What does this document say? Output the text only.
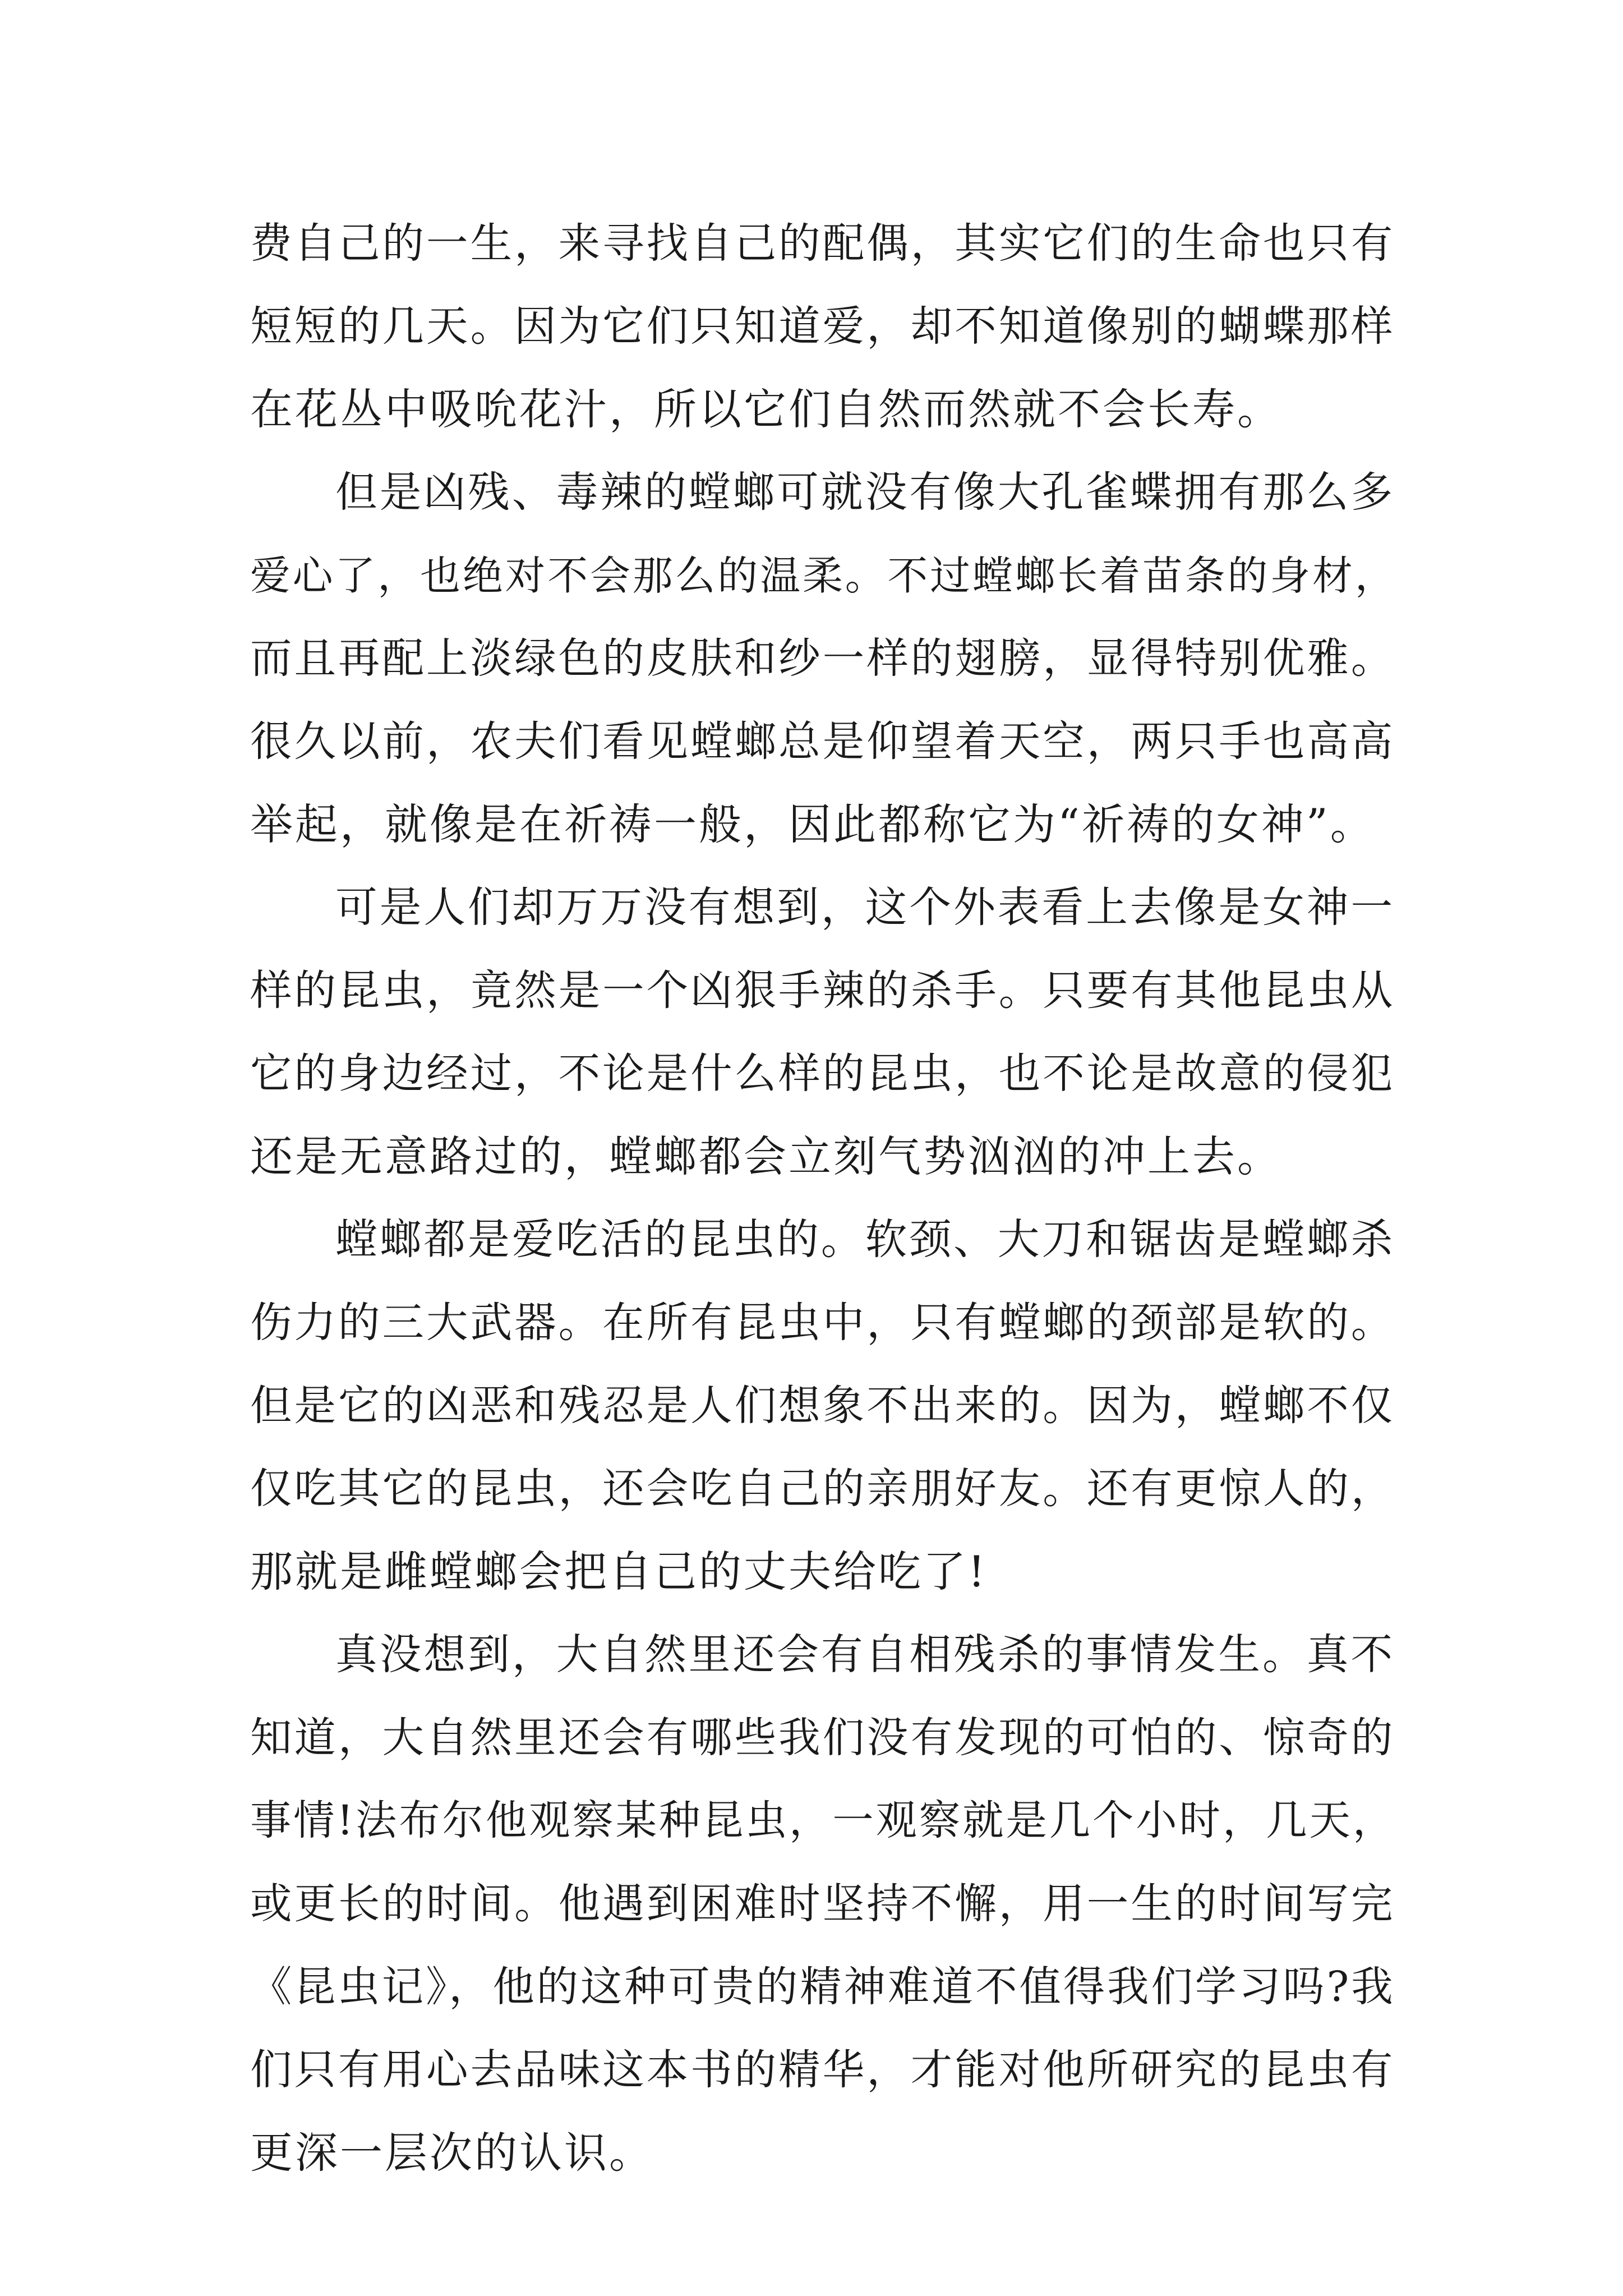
费自己的一生，来寻找自己的配偶，其实它们的生命也只有
短短的几天。因为它们只知道爱，却不知道像别的蝴蝶那样
在花丛中吸吮花汁，所以它们自然而然就不会长寿。
但是凶残、毒辣的螳螂可就没有像大孔雀蝶拥有那么多
爱心了，也绝对不会那么的温柔。不过螳螂长着苗条的身材，
而且再配上淡绿色的皮肤和纱一样的翅膀，显得特别优雅。
很久以前，农夫们看见螳螂总是仰望着天空，两只手也高高
举起，就像是在祈祷一般，因此都称它为“祈祷的女神”。
可是人们却万万没有想到，这个外表看上去像是女神一
样的昆虫，竟然是一个凶狠手辣的杀手。只要有其他昆虫从
它的身边经过，不论是什么样的昆虫，也不论是故意的侵犯
还是无意路过的，螳螂都会立刻气势汹汹的冲上去。
螳螂都是爱吃活的昆虫的。软颈、大刀和锯齿是螳螂杀
伤力的三大武器。在所有昆虫中，只有螳螂的颈部是软的。
但是它的凶恶和残忍是人们想象不出来的。因为，螳螂不仅
仅吃其它的昆虫，还会吃自己的亲朋好友。还有更惊人的，
那就是雌螳螂会把自己的丈夫给吃了!
真没想到，大自然里还会有自相残杀的事情发生。真不
知道，大自然里还会有哪些我们没有发现的可怕的、惊奇的
事情!法布尔他观察某种昆虫，一观察就是几个小时，几天，
或更长的时间。他遇到困难时坚持不懈，用一生的时间写完
《昆虫记》，他的这种可贵的精神难道不值得我们学习吗?我
们只有用心去品味这本书的精华，才能对他所研究的昆虫有
更深一层次的认识。
